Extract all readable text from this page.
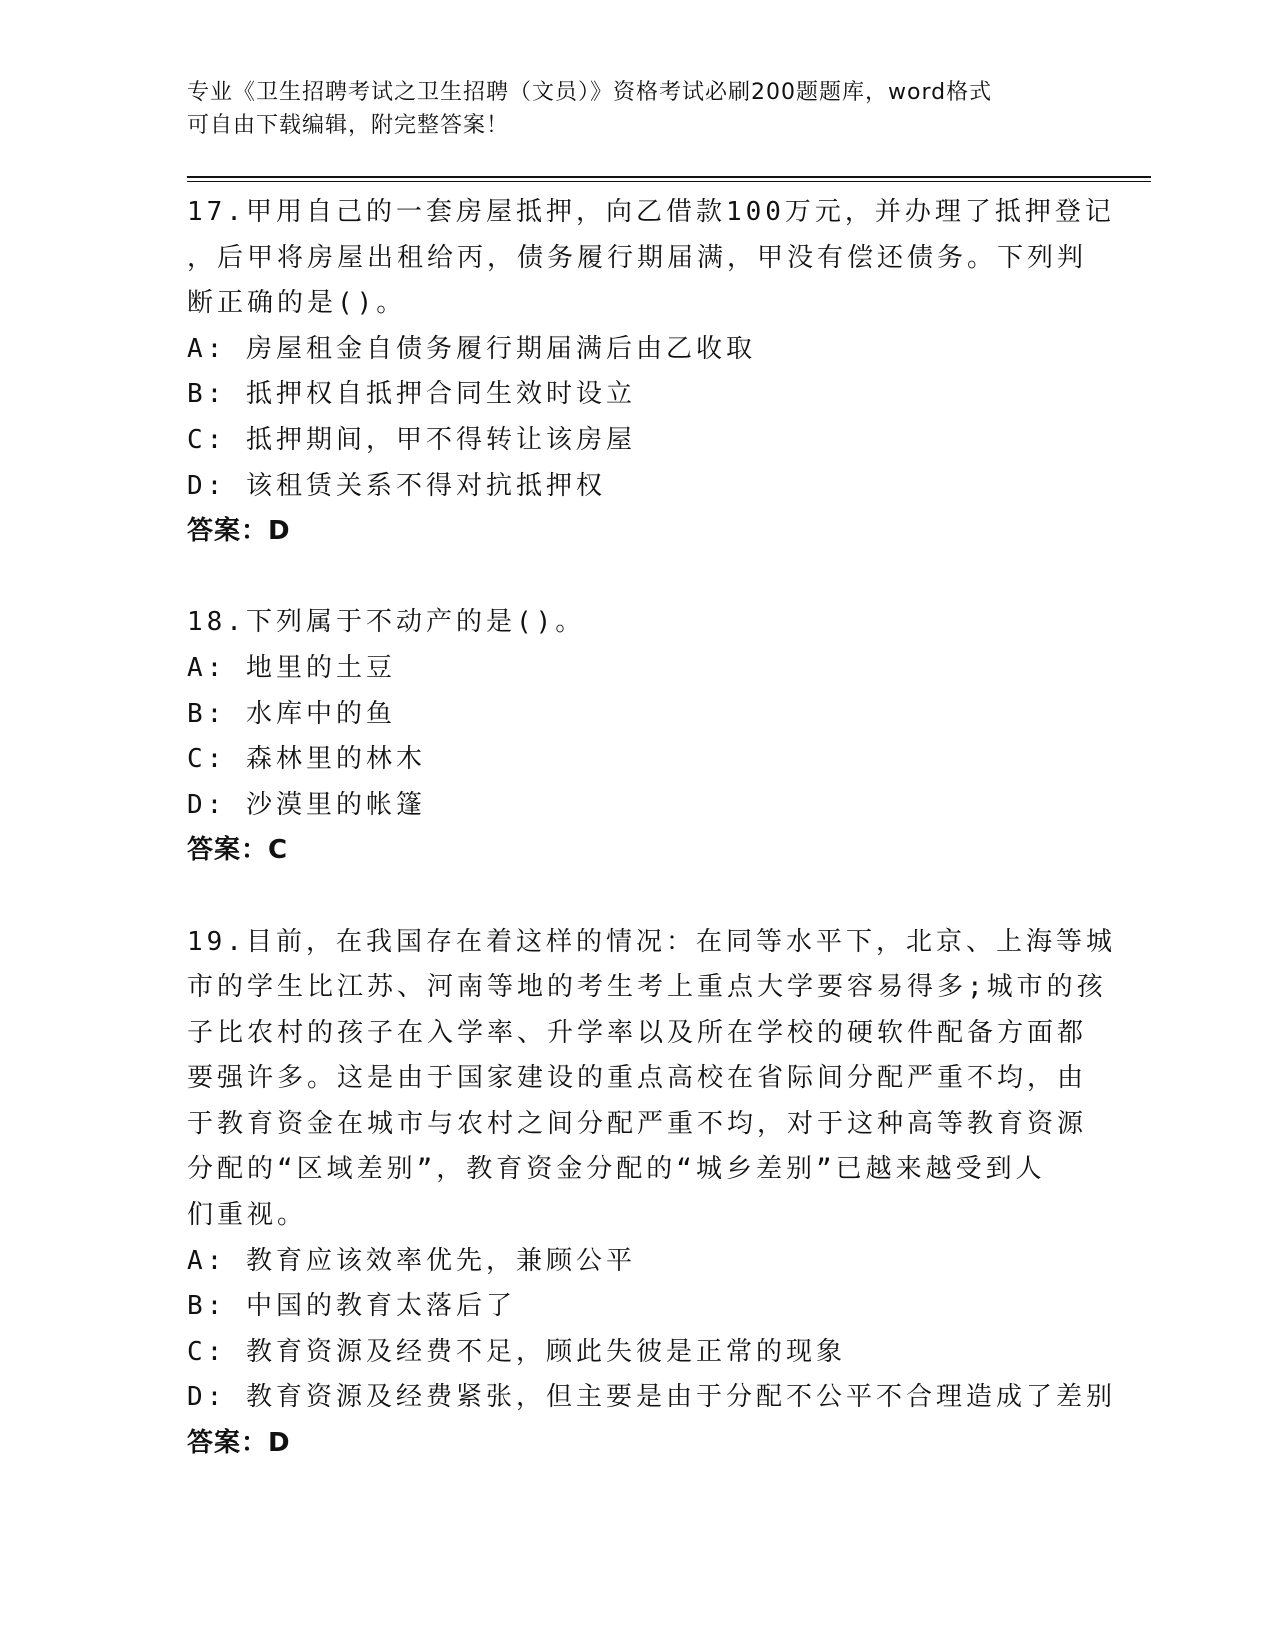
专业《卫生招聘考试之卫生招聘（文员）》资格考试必刷200题题库，word格式

可自由下载编辑，附完整答案！

17.甲用自己的一套房屋抵押，向乙借款100万元，并办理了抵押登记
，后甲将房屋出租给丙，债务履行期届满，甲没有偿还债务。下列判
断正确的是()。
A: 房屋租金自债务履行期届满后由乙收取
B: 抵押权自抵押合同生效时设立
C: 抵押期间，甲不得转让该房屋
D: 该租赁关系不得对抗抵押权
答案：D
18.下列属于不动产的是()。
A: 地里的土豆
B: 水库中的鱼
C: 森林里的林木
D: 沙漠里的帐篷
答案：C
19.目前，在我国存在着这样的情况：在同等水平下，北京、上海等城
市的学生比江苏、河南等地的考生考上重点大学要容易得多;城市的孩
子比农村的孩子在入学率、升学率以及所在学校的硬软件配备方面都
要强许多。这是由于国家建设的重点高校在省际间分配严重不均，由
于教育资金在城市与农村之间分配严重不均，对于这种高等教育资源
分配的“区域差别”，教育资金分配的“城乡差别”已越来越受到人
们重视。
A: 教育应该效率优先，兼顾公平
B: 中国的教育太落后了
C: 教育资源及经费不足，顾此失彼是正常的现象
D: 教育资源及经费紧张，但主要是由于分配不公平不合理造成了差别
答案：D
